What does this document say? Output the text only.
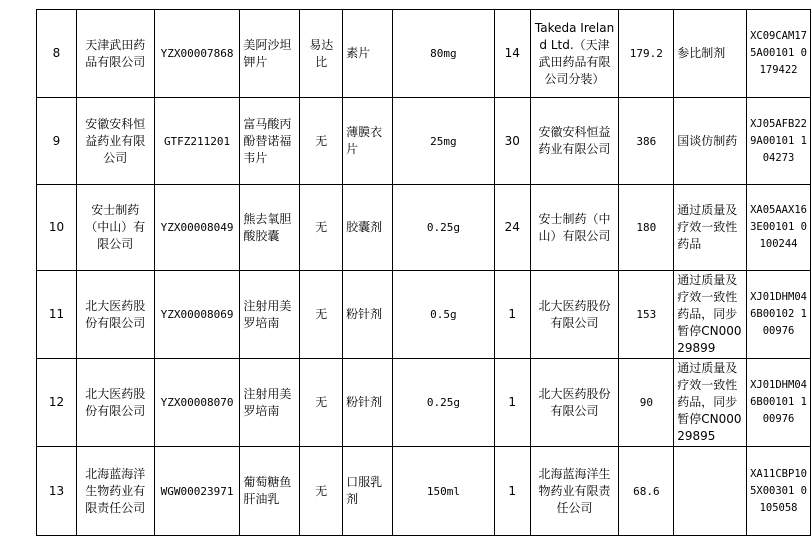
8	天津武田药品有限公司	YZX00007868	美阿沙坦钾片	易达比	素片	80mg	14	Takeda Ireland Ltd.（天津武田药品有限公司分装）	179.2	参比制剂	XC09CAM175A00101 0179422
9	安徽安科恒益药业有限公司	GTFZ211201	富马酸丙酚替诺福韦片	无	薄膜衣片	25mg	30	安徽安科恒益药业有限公司	386	国谈仿制药	XJ05AFB229A00101 104273
10	安士制药（中山）有限公司	YZX00008049	熊去氧胆酸胶囊	无	胶囊剂	0.25g	24	安士制药（中山）有限公司	180	通过质量及疗效一致性药品	XA05AAX163E00101 0100244
11	北大医药股份有限公司	YZX00008069	注射用美罗培南	无	粉针剂	0.5g	1	北大医药股份有限公司	153	通过质量及疗效一致性药品，同步暂停CN00029899	XJ01DHM046B00102 100976
12	北大医药股份有限公司	YZX00008070	注射用美罗培南	无	粉针剂	0.25g	1	北大医药股份有限公司	90	通过质量及疗效一致性药品，同步暂停CN00029895	XJ01DHM046B00101 100976
13	北海蓝海洋生物药业有限责任公司	WGW00023971	葡萄糖鱼肝油乳	无	口服乳剂	150ml	1	北海蓝海洋生物药业有限责任公司	68.6		XA11CBP105X00301 0105058
